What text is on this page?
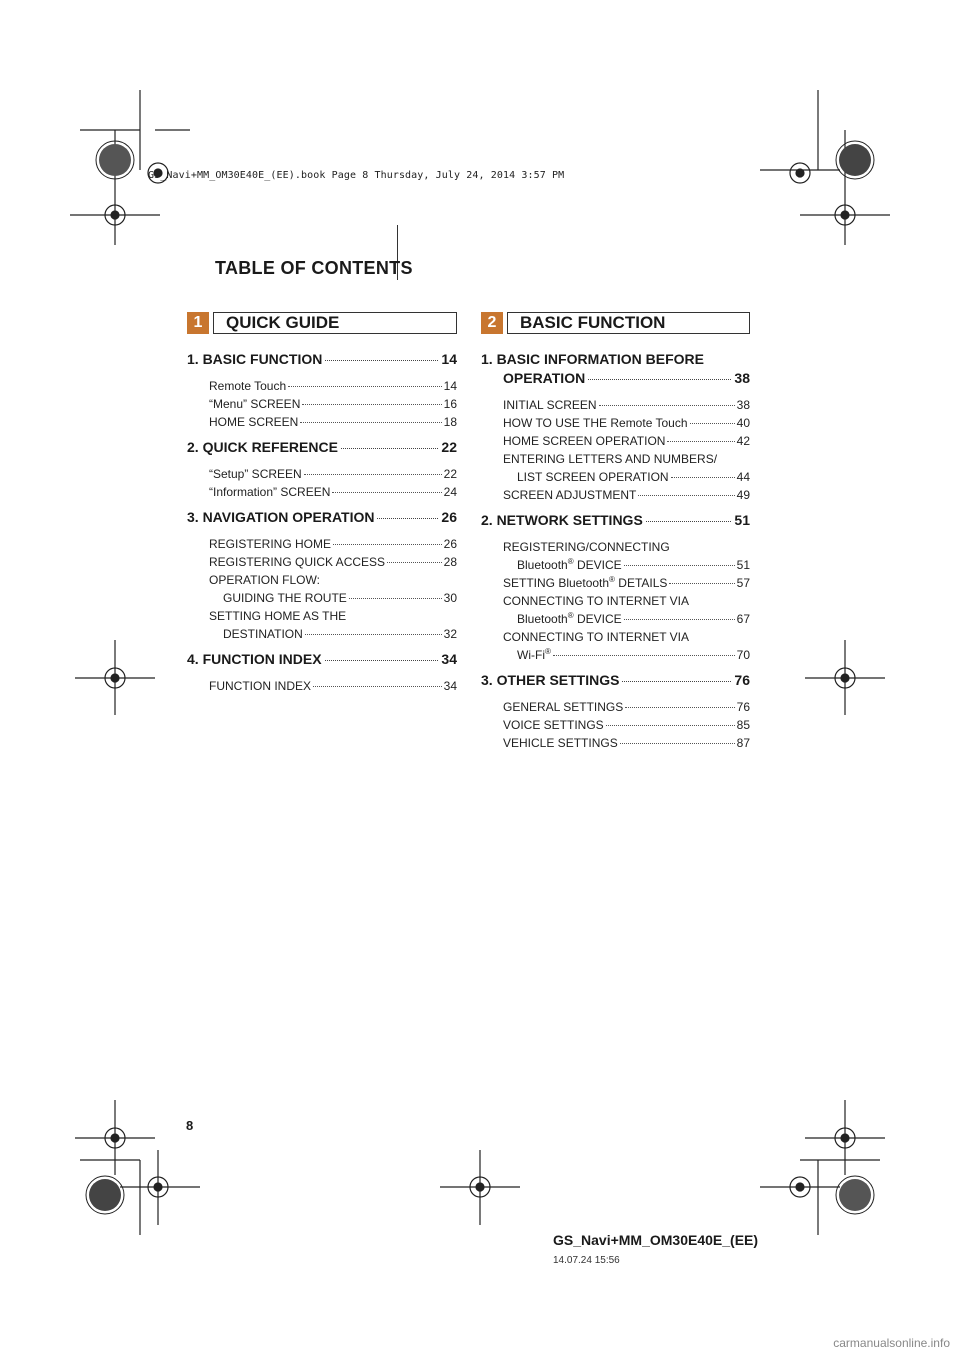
GS_Navi+MM_OM30E40E_(EE).book Page 8 Thursday, July 24, 2014 3:57 PM
TABLE OF CONTENTS
1	QUICK GUIDE	2	BASIC FUNCTION
1. BASIC FUNCTION	14
Remote Touch	14
“Menu” SCREEN	16
HOME SCREEN	18
2. QUICK REFERENCE	22
“Setup” SCREEN	22
“Information” SCREEN	24
3. NAVIGATION OPERATION	26
REGISTERING HOME	26
REGISTERING QUICK ACCESS	28
OPERATION FLOW:
GUIDING THE ROUTE	30
SETTING HOME AS THE
DESTINATION	32
4. FUNCTION INDEX	34
FUNCTION INDEX	34
1. BASIC INFORMATION BEFORE
OPERATION	38
INITIAL SCREEN	38
HOW TO USE THE Remote Touch	40
HOME SCREEN OPERATION	42
ENTERING LETTERS AND NUMBERS/
LIST SCREEN OPERATION	44
SCREEN ADJUSTMENT	49
2. NETWORK SETTINGS	51
REGISTERING/CONNECTING
Bluetooth® DEVICE	51
SETTING Bluetooth® DETAILS	57
CONNECTING TO INTERNET VIA
Bluetooth® DEVICE	67
CONNECTING TO INTERNET VIA
Wi-Fi®	70
3. OTHER SETTINGS	76
GENERAL SETTINGS	76
VOICE SETTINGS	85
VEHICLE SETTINGS	87
8
GS_Navi+MM_OM30E40E_(EE)
14.07.24 15:56
carmanualsonline.info
